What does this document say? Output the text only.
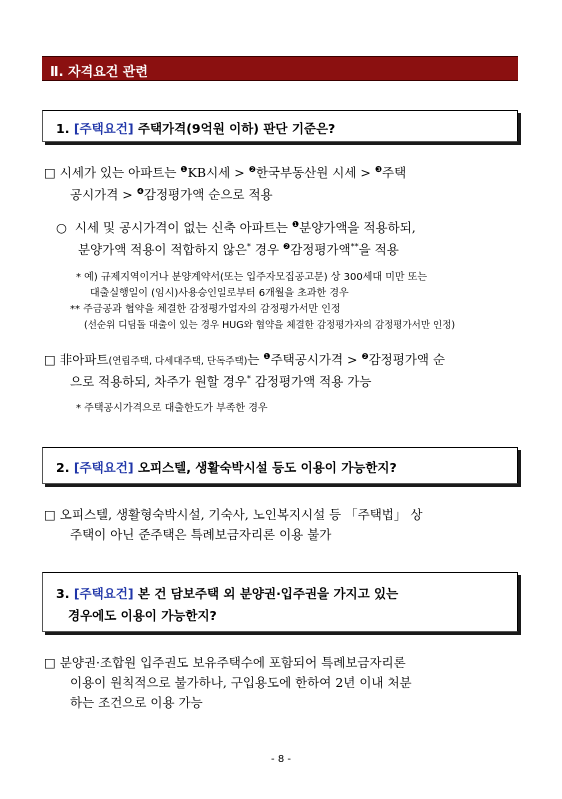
Ⅱ. 자격요건 관련
1. [주택요건] 주택가격(9억원 이하) 판단 기준은?
□ 시세가 있는 아파트는 $^❶$KB시세 > $^❷$한국부동산원 시세 > $^❸$주택
공시가격 > $^❹$감정평가액 순으로 적용
○ 시세 및 공시가격이 없는 신축 아파트는 $^❶$분양가액을 적용하되,
분양가액 적용이 적합하지 않은* 경우 $^❷$감정평가액**을 적용
* 예) 규제지역이거나 분양계약서(또는 입주자모집공고문) 상 300세대 미만 또는
대출실행일이 (임시)사용승인일로부터 6개월을 초과한 경우
** 주금공과 협약을 체결한 감정평가업자의 감정평가서만 인정
(선순위 디딤돌 대출이 있는 경우 HUG와 협약을 체결한 감정평가자의 감정평가서만 인정)
□ 非아파트(연립주택, 다세대주택, 단독주택)는 $^❶$주택공시가격 > $^❷$감정평가액 순
으로 적용하되, 차주가 원할 경우* 감정평가액 적용 가능
* 주택공시가격으로 대출한도가 부족한 경우
2. [주택요건] 오피스텔, 생활숙박시설 등도 이용이 가능한지?
□ 오피스텔, 생활형숙박시설, 기숙사, 노인복지시설 등 「주택법」 상
주택이 아닌 준주택은 특례보금자리론 이용 불가
3. [주택요건] 본 건 담보주택 외 분양권·입주권을 가지고 있는
경우에도 이용이 가능한지?
□ 분양권·조합원 입주권도 보유주택수에 포함되어 특례보금자리론
이용이 원칙적으로 불가하나, 구입용도에 한하여 2년 이내 처분
하는 조건으로 이용 가능
- 8 -
